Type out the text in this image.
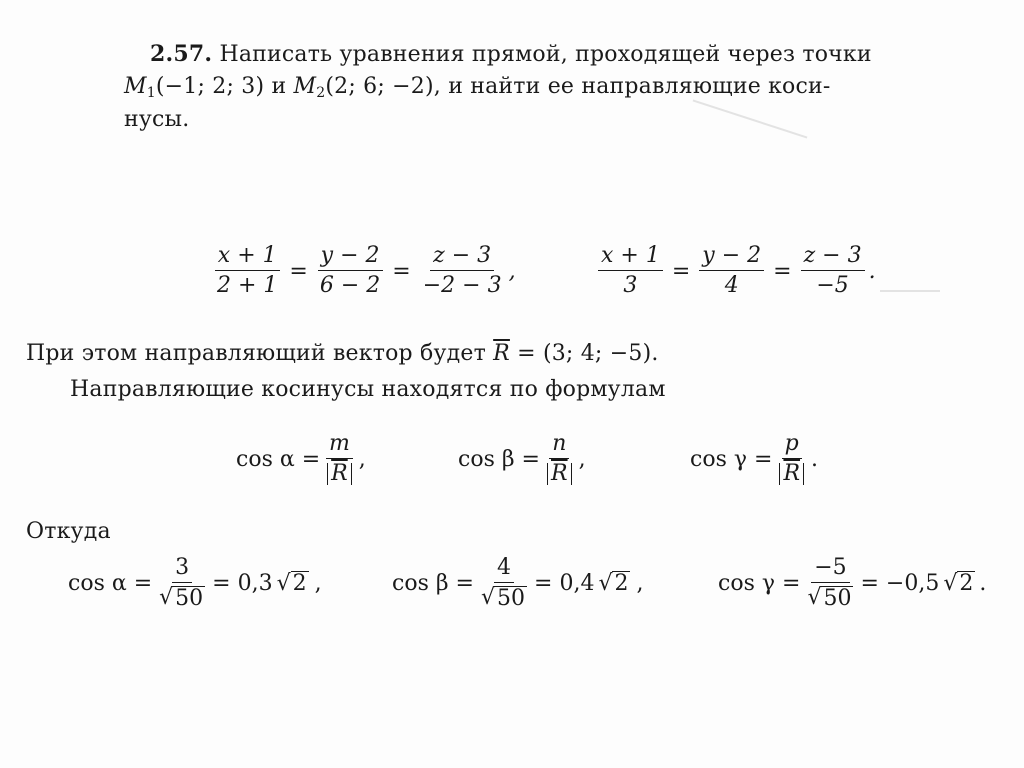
2.57. Написать уравнения прямой, проходящей через точки
$M_1(-1$; 2; 3) и $M_2(2$; 6; −2), и найти ее направляющие коси-
нусы.
$\frac{x + 1}{2 + 1} = \frac{y - 2}{6 - 2} = \frac{z - 3}{-2 - 3}$ ,	$\frac{x + 1}{3} = \frac{y - 2}{4} = \frac{z - 3}{-5}$ .
При этом направляющий вектор будет $\overline{R} = (3$; 4; −5).
Направляющие косинусы находятся по формулам
$\cos \alpha = \frac{m}{R}$ ,	$\cos \beta = \frac{n}{R}$ ,	$\cos \gamma = \frac{p}{R}$ .
Откуда
$\cos \alpha = \frac{3}{√ 50} = 0,3$ √ 2 ,	$\cos \beta = \frac{4}{√ 50} = 0,4$ √ 2 ,	$\cos \gamma = \frac{-5}{√ 50} = -0,5$ √ 2 .
